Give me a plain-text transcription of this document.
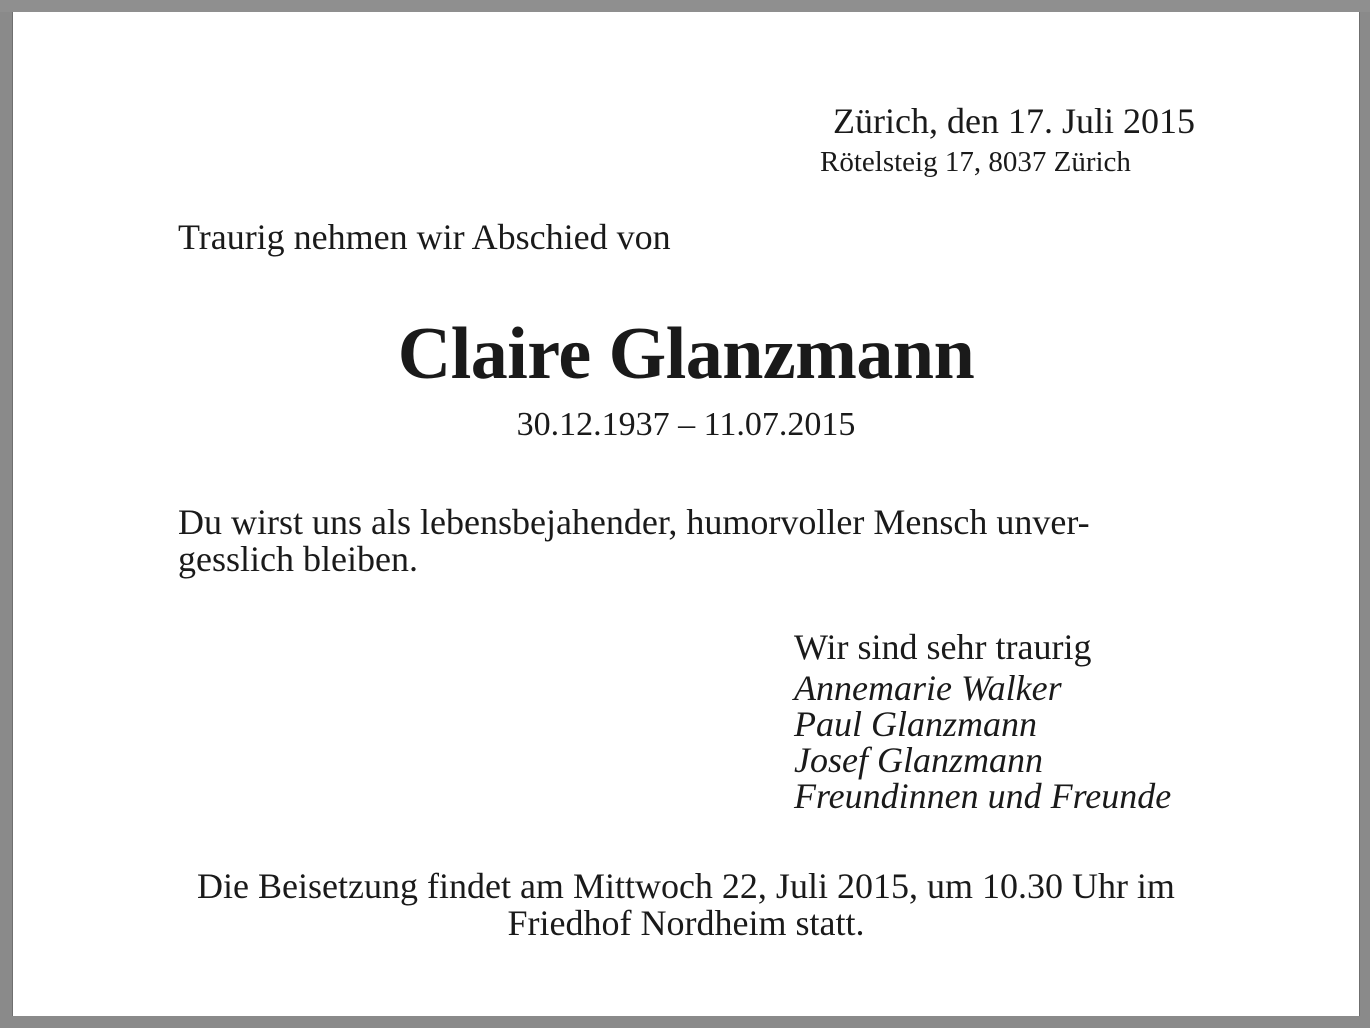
Zürich, den 17. Juli 2015
Rötelsteig 17, 8037 Zürich
Traurig nehmen wir Abschied von
Claire Glanzmann
30.12.1937 – 11.07.2015
Du wirst uns als lebensbejahender, humorvoller Mensch unver-
gesslich bleiben.
Wir sind sehr traurig
Annemarie Walker
Paul Glanzmann
Josef Glanzmann
Freundinnen und Freunde
Die Beisetzung findet am Mittwoch 22, Juli 2015, um 10.30 Uhr im
Friedhof Nordheim statt.
